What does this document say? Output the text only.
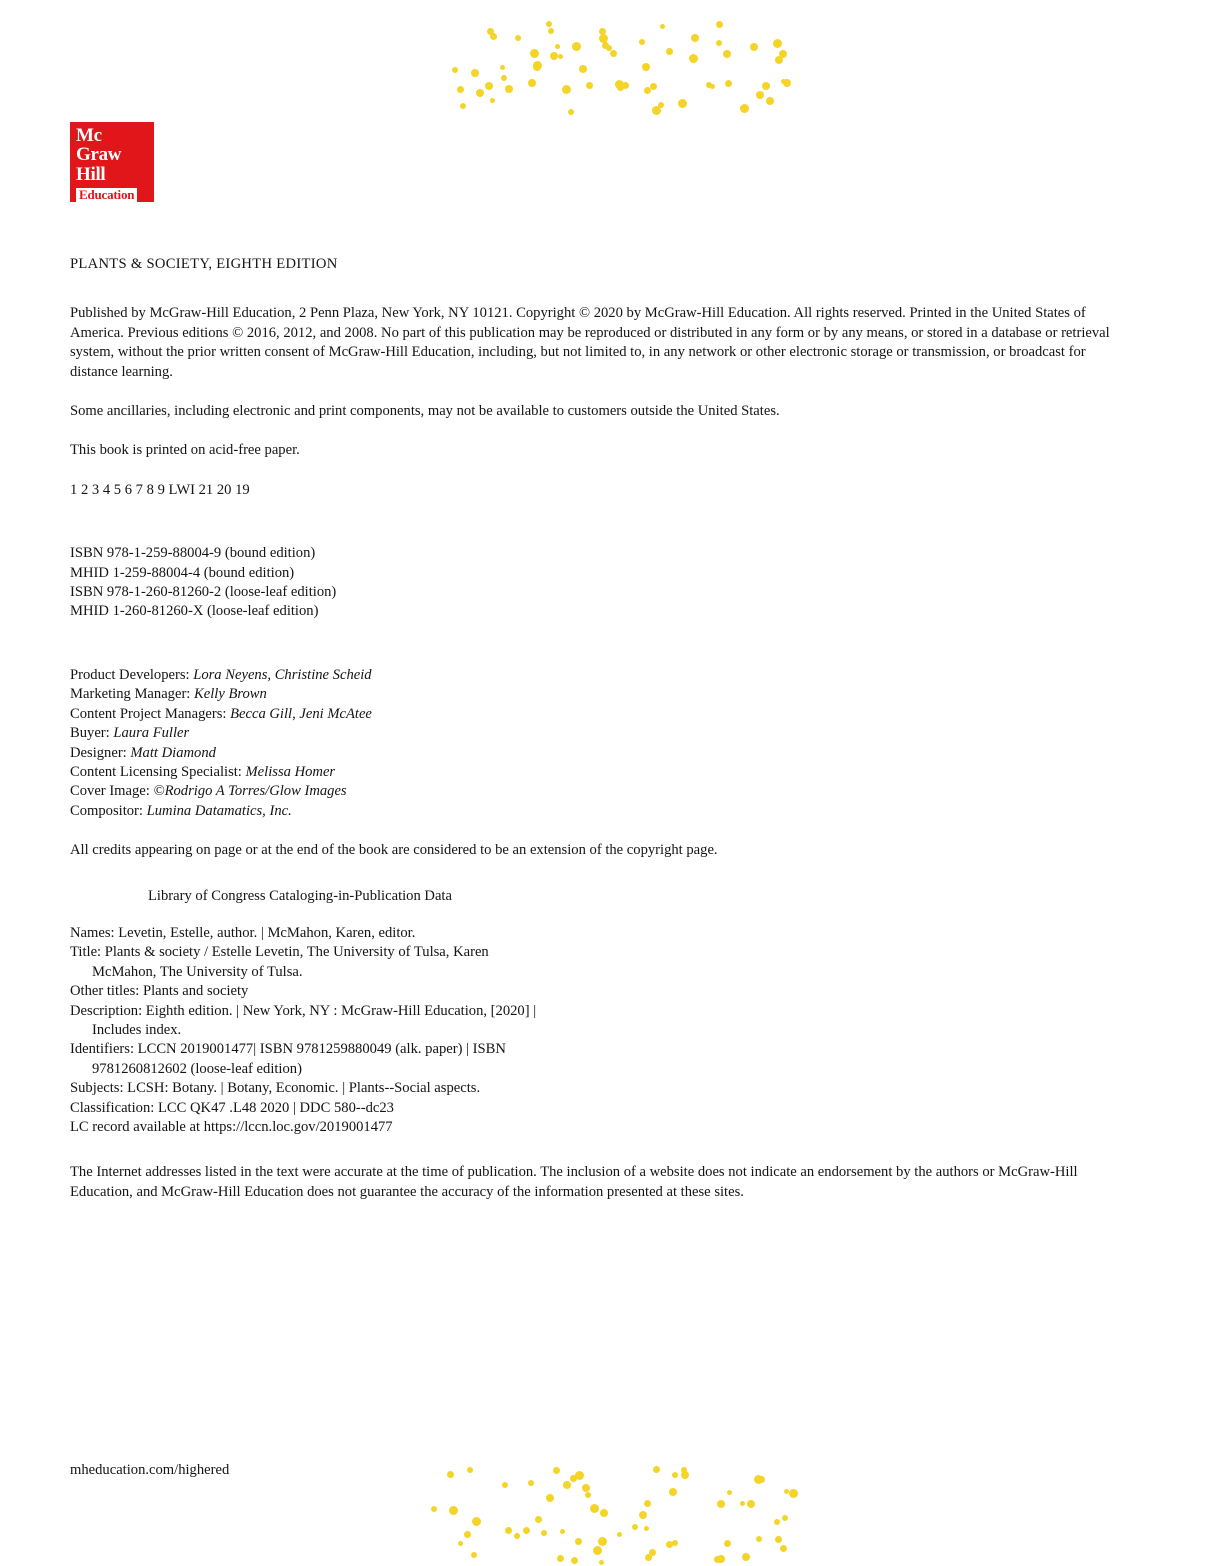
Mc
Graw
Hill
Education
PLANTS & SOCIETY, EIGHTH EDITION
Published by McGraw-Hill Education, 2 Penn Plaza, New York, NY 10121. Copyright © 2020 by McGraw-Hill Education. All rights reserved. Printed in the United States of America. Previous editions © 2016, 2012, and 2008. No part of this publication may be reproduced or distributed in any form or by any means, or stored in a database or retrieval system, without the prior written consent of McGraw-Hill Education, including, but not limited to, in any network or other electronic storage or transmission, or broadcast for distance learning.
Some ancillaries, including electronic and print components, may not be available to customers outside the United States.
This book is printed on acid-free paper.
1 2 3 4 5 6 7 8 9 LWI 21 20 19
ISBN 978-1-259-88004-9 (bound edition)
MHID 1-259-88004-4 (bound edition)
ISBN 978-1-260-81260-2 (loose-leaf edition)
MHID 1-260-81260-X (loose-leaf edition)
Product Developers: Lora Neyens, Christine Scheid
Marketing Manager: Kelly Brown
Content Project Managers: Becca Gill, Jeni McAtee
Buyer: Laura Fuller
Designer: Matt Diamond
Content Licensing Specialist: Melissa Homer
Cover Image: ©Rodrigo A Torres/Glow Images
Compositor: Lumina Datamatics, Inc.
All credits appearing on page or at the end of the book are considered to be an extension of the copyright page.
Library of Congress Cataloging-in-Publication Data
Names: Levetin, Estelle, author. | McMahon, Karen, editor.
Title: Plants & society / Estelle Levetin, The University of Tulsa, Karen
McMahon, The University of Tulsa.
Other titles: Plants and society
Description: Eighth edition. | New York, NY : McGraw-Hill Education, [2020] |
Includes index.
Identifiers: LCCN 2019001477| ISBN 9781259880049 (alk. paper) | ISBN
9781260812602 (loose-leaf edition)
Subjects: LCSH: Botany. | Botany, Economic. | Plants--Social aspects.
Classification: LCC QK47 .L48 2020 | DDC 580--dc23
LC record available at https://lccn.loc.gov/2019001477
The Internet addresses listed in the text were accurate at the time of publication. The inclusion of a website does not indicate an endorsement by the authors or McGraw-Hill Education, and McGraw-Hill Education does not guarantee the accuracy of the information presented at these sites.
mheducation.com/highered
